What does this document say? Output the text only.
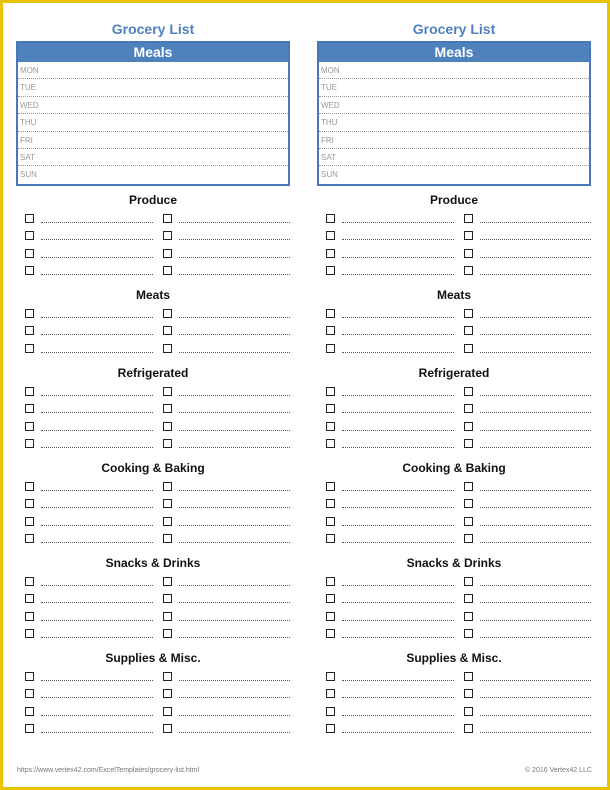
Grocery List
Meals
MON
TUE
WED
THU
FRI
SAT
SUN
Produce
Meats
Refrigerated
Cooking & Baking
Snacks & Drinks
Supplies & Misc.
Grocery List
Meals
MON
TUE
WED
THU
FRI
SAT
SUN
Produce
Meats
Refrigerated
Cooking & Baking
Snacks & Drinks
Supplies & Misc.
https://www.vertex42.com/ExcelTemplates/grocery-list.html	© 2016 Vertex42 LLC
